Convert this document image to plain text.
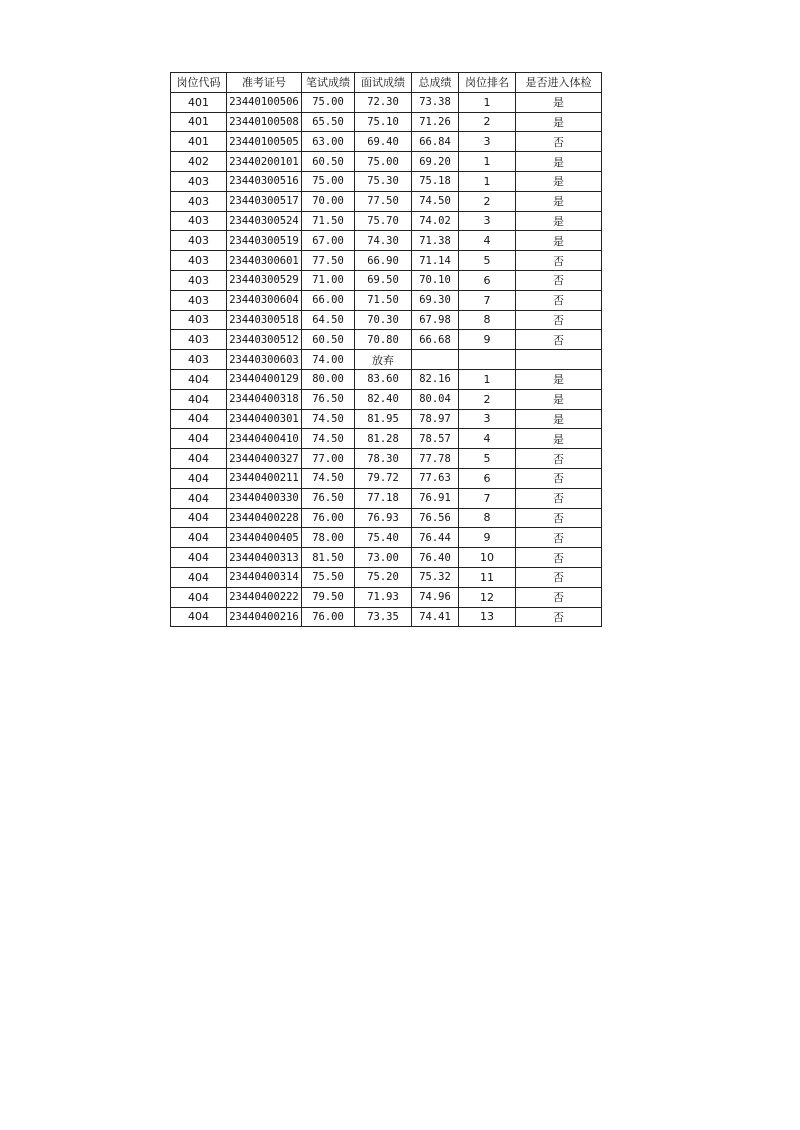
岗位代码	准考证号	笔试成绩	面试成绩	总成绩	岗位排名	是否进入体检
401	23440100506	75.00	72.30	73.38	1	是
401	23440100508	65.50	75.10	71.26	2	是
401	23440100505	63.00	69.40	66.84	3	否
402	23440200101	60.50	75.00	69.20	1	是
403	23440300516	75.00	75.30	75.18	1	是
403	23440300517	70.00	77.50	74.50	2	是
403	23440300524	71.50	75.70	74.02	3	是
403	23440300519	67.00	74.30	71.38	4	是
403	23440300601	77.50	66.90	71.14	5	否
403	23440300529	71.00	69.50	70.10	6	否
403	23440300604	66.00	71.50	69.30	7	否
403	23440300518	64.50	70.30	67.98	8	否
403	23440300512	60.50	70.80	66.68	9	否
403	23440300603	74.00	放弃			
404	23440400129	80.00	83.60	82.16	1	是
404	23440400318	76.50	82.40	80.04	2	是
404	23440400301	74.50	81.95	78.97	3	是
404	23440400410	74.50	81.28	78.57	4	是
404	23440400327	77.00	78.30	77.78	5	否
404	23440400211	74.50	79.72	77.63	6	否
404	23440400330	76.50	77.18	76.91	7	否
404	23440400228	76.00	76.93	76.56	8	否
404	23440400405	78.00	75.40	76.44	9	否
404	23440400313	81.50	73.00	76.40	10	否
404	23440400314	75.50	75.20	75.32	11	否
404	23440400222	79.50	71.93	74.96	12	否
404	23440400216	76.00	73.35	74.41	13	否
